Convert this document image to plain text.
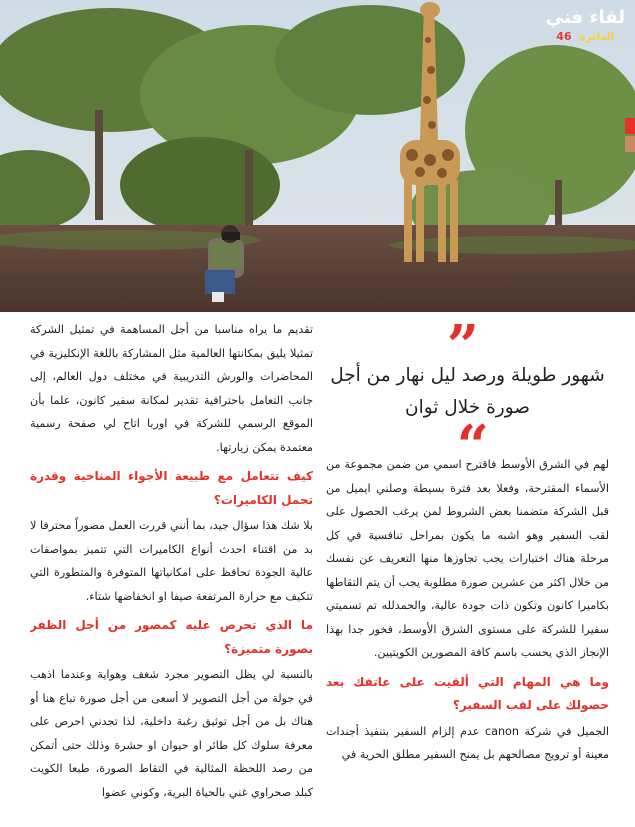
لقاء فني
الدائرة 46
”
شهور طويلة ورصد ليل نهار من أجل صورة خلال ثوان
“

لهم في الشرق الأوسط فاقترح اسمي من ضمن مجموعة من الأسماء المقترحة، وفعلا بعد فترة بسيطة وصلني ايميل من قبل الشركة متضمنا بعض الشروط لمن يرغب الحصول على لقب السفير وهو اشبه ما يكون بمراحل تنافسية في كل مرحلة هناك اختبارات يجب تجاوزها منها التعريف عن نفسك من خلال اكثر من عشرين صورة مطلوبة يجب أن يتم التقاطها بكاميرا كانون وتكون ذات جودة عالية، والحمدلله تم تسميتي سفيرا للشركة على مستوى الشرق الأوسط، فخور جدا بهذا الإنجاز الذي يحسب باسم كافة المصورين الكويتيين.

وما هي المهام التي ألقيت على عاتقك بعد حصولك على لقب السفير؟

الجميل في شركة canon عدم إلزام السفير بتنفيذ أجندات معينة أو ترويج مصالحهم بل يمنح السفير مطلق الحرية في

تقديم ما يراه مناسبا من أجل المساهمة في تمثيل الشركة تمثيلا يليق بمكانتها العالمية مثل المشاركة باللغة الإنكليزية في المحاضرات والورش التدريبية في مختلف دول العالم، إلى جانب التعامل باحترافية تقدير لمكانة سفير كانون، علما بأن الموقع الرسمي للشركة في اوربا اتاح لي صفحة رسمية معتمدة يمكن زيارتها.

كيف تتعامل مع طبيعة الأجواء المناخية وقدرة تحمل الكاميرات؟

بلا شك هذا سؤال جيد، بما أنني قررت العمل مصوراً محترفا لا بد من اقتناء احدث أنواع الكاميرات التي تتميز بمواصفات عالية الجودة تحافظ على امكانياتها المتوفرة والمتطورة التي تتكيف مع حرارة المرتفعة صيفا او انخفاضها شتاء.

ما الذي تحرص عليه كمصور من أجل الظفر بصورة متميزة؟

بالنسبة لي يظل التصوير مجرد شغف وهواية وعندما اذهب في جولة من أجل التصوير لا أسعى من أجل صورة تباع هنا أو هناك بل من أجل توثيق رغبة داخلية، لذا تجدني احرص على معرفة سلوك كل طائر او حيوان او حشرة وذلك حتى أتمكن من رصد اللحظة المثالية في التقاط الصورة، طبعا الكويت كبلد صحراوي غني بالحياة البرية، وكوني عضوا
